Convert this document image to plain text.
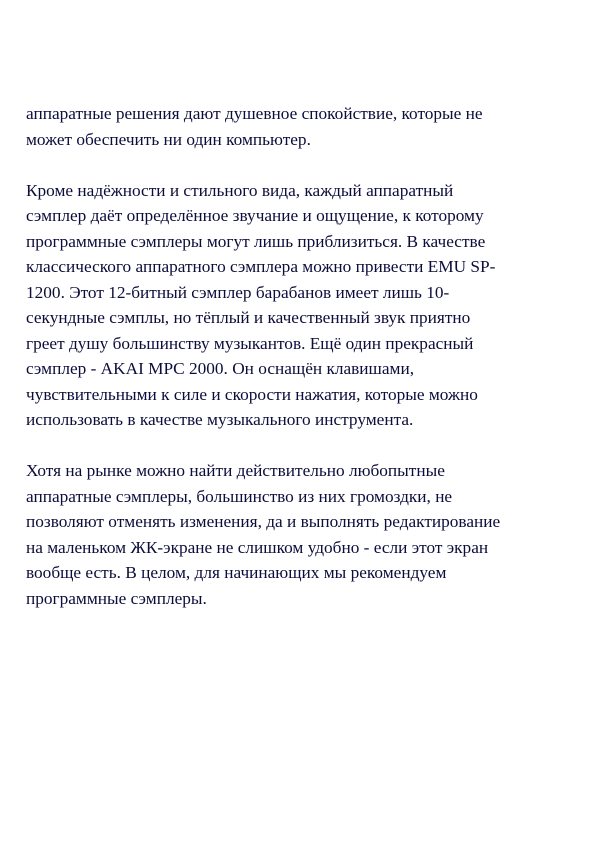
аппаратные решения дают душевное спокойствие, которые не
может обеспечить ни один компьютер.

Кроме надёжности и стильного вида, каждый аппаратный
сэмплер даёт определённое звучание и ощущение, к которому
программные сэмплеры могут лишь приблизиться. В качестве
классического аппаратного сэмплера можно привести EMU SP-
1200. Этот 12-битный сэмплер барабанов имеет лишь 10-
секундные сэмплы, но тёплый и качественный звук приятно
греет душу большинству музыкантов. Ещё один прекрасный
сэмплер - AKAI MPC 2000. Он оснащён клавишами,
чувствительными к силе и скорости нажатия, которые можно
использовать в качестве музыкального инструмента.

Хотя на рынке можно найти действительно любопытные
аппаратные сэмплеры, большинство из них громоздки, не
позволяют отменять изменения, да и выполнять редактирование
на маленьком ЖК-экране не слишком удобно - если этот экран
вообще есть. В целом, для начинающих мы рекомендуем
программные сэмплеры.
